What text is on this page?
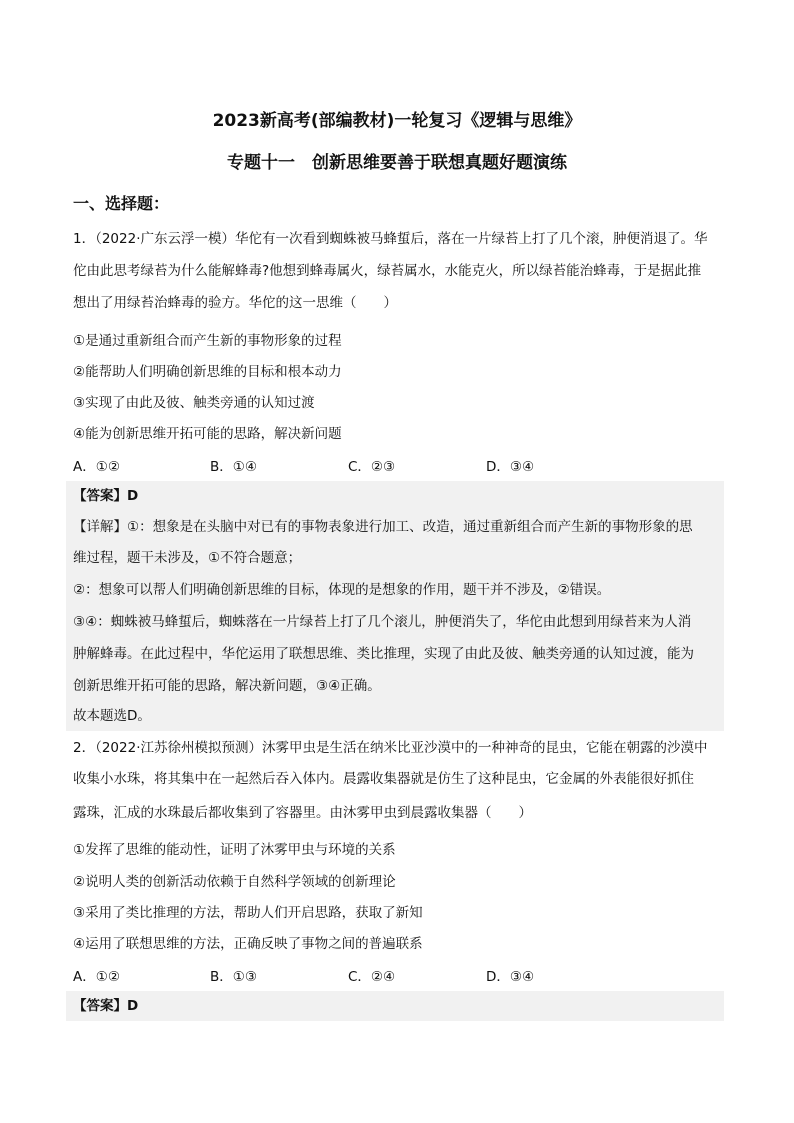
2023新高考(部编教材)一轮复习《逻辑与思维》
专题十一　创新思维要善于联想真题好题演练
一、选择题：
1．（2022·广东云浮一模）华佗有一次看到蜘蛛被马蜂蜇后，落在一片绿苔上打了几个滚，肿便消退了。华
佗由此思考绿苔为什么能解蜂毒?他想到蜂毒属火，绿苔属水，水能克火，所以绿苔能治蜂毒，于是据此推
想出了用绿苔治蜂毒的验方。华佗的这一思维（　　）
①是通过重新组合而产生新的事物形象的过程
②能帮助人们明确创新思维的目标和根本动力
③实现了由此及彼、触类旁通的认知过渡
④能为创新思维开拓可能的思路，解决新问题
A．①②	B．①④	C．②③	D．③④
【答案】D
【详解】①：想象是在头脑中对已有的事物表象进行加工、改造，通过重新组合而产生新的事物形象的思
维过程，题干未涉及，①不符合题意；
②：想象可以帮人们明确创新思维的目标，体现的是想象的作用，题干并不涉及，②错误。
③④：蜘蛛被马蜂蜇后，蜘蛛落在一片绿苔上打了几个滚儿，肿便消失了，华佗由此想到用绿苔来为人消
肿解蜂毒。在此过程中，华佗运用了联想思维、类比推理，实现了由此及彼、触类旁通的认知过渡，能为
创新思维开拓可能的思路，解决新问题，③④正确。
故本题选D。
2．（2022·江苏徐州模拟预测）沐雾甲虫是生活在纳米比亚沙漠中的一种神奇的昆虫，它能在朝露的沙漠中
收集小水珠，将其集中在一起然后吞入体内。晨露收集器就是仿生了这种昆虫，它金属的外表能很好抓住
露珠，汇成的水珠最后都收集到了容器里。由沐雾甲虫到晨露收集器（　　）
①发挥了思维的能动性，证明了沐雾甲虫与环境的关系
②说明人类的创新活动依赖于自然科学领域的创新理论
③采用了类比推理的方法，帮助人们开启思路，获取了新知
④运用了联想思维的方法，正确反映了事物之间的普遍联系
A．①②	B．①③	C．②④	D．③④
【答案】D
